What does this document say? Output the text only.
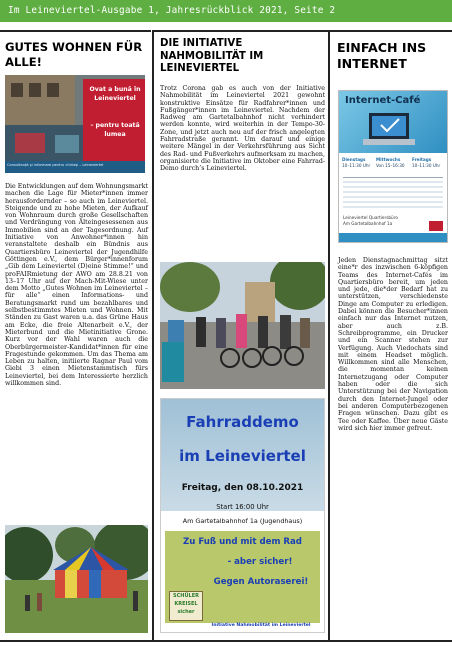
Im Leineviertel-Ausgabe 1, Jahresrückblick 2021, Seite 2
GUTES WOHNEN FÜR ALLE!
Ovat a bună în
Leineviertel
– pentru toată lumea
Consultanță și informare pentru chiriași – Leineviertel

Die Entwicklungen auf dem Wohnungsmarkt machen die Lage für Mieter*innen immer herausfordernder – so auch im Leineviertel. Steigende und zu hohe Mieten, der Aufkauf von Wohnraum durch große Gesellschaften und Verdrängung von Alteingesessenen aus Immobilien sind an der Tagesordnung. Auf Initiative von Anwohner*innen hin veranstaltete deshalb ein Bündnis aus Quartiersbüro Leineviertel der Jugendhilfe Göttingen e.V., dem Bürger*innenforum „Gib dem Leineviertel (D)eine Stimme!“ und proFAIRmietung der AWO am 28.8.21 von 13–17 Uhr auf der Mach-Mit-Wiese unter dem Motto „Gutes Wohnen im Leineviertel – für alle“ einen Informations- und Beratungsmarkt rund um bezahlbares und selbstbestimmtes Mieten und Wohnen. Mit Ständen zu Gast waren u.a. das Grüne Haus am Ecke, die freie Altenarbeit e.V., der Mieterbund und die Mietinitiative Grone. Kurz vor der Wahl waren auch die Oberbürgermeister-Kandidat*innen für eine Fragestunde gekommen. Um das Thema am Leben zu halten, initiierte Ragnar Paul vom Giebi 3 einen Mietenstammtisch fürs Leineviertel, bei dem Interessierte herzlich willkommen sind.

DIE INITIATIVE NAHMOBILITÄT IM LEINEVIERTEL

Trotz Corona gab es auch von der Initiative Nahmobilität im Leineviertel 2021 gewohnt konstruktive Einsätze für Radfahrer*innen und Fußgänger*innen im Leineviertel. Nachdem der Radweg am Gartetalbahnhof nicht verhindert werden konnte, wird weiterhin in der Tempo-30-Zone, und jetzt auch neu auf der frisch angelegten Fahrradstraße gerannt. Um darauf und einige weitere Mängel in der Verkehrsführung aus Sicht des Rad- und Fußverkehrs aufmerksam zu machen, organisierte die Initiative im Oktober eine Fahrrad-Demo durch’s Leineviertel.

Fahrraddemo
im Leineviertel
Freitag, den 08.10.2021
Start 16:00 Uhr
Am Gartetalbahnhof 1a (Jugendhaus)
Zu Fuß und mit dem Rad
- aber sicher!
Gegen Autoraserei!
SCHÜLER
KREISEL
sicher
Initiative Nahmobilität im Leineviertel
EINFACH INS INTERNET
Internet-Café
Dienstags
10–11:30 Uhr
Mittwochs
Von 15–16:30
Freitags
10–11:30 Uhr
Leineviertel Quartiersbüro
Am Gartetalbahnhof 1a

Jeden Dienstagnachmittag sitzt eine*r des inzwischen 6-köpfigen Teams des Internet-Cafés im Quartiersbüro bereit, um jeden und jede, die*der Bedarf hat zu unterstützen, verschiedenste Dinge am Computer zu erledigen. Dabei können die Besucher*innen einfach nur das Internet nutzen, aber auch z.B. Schreibprogramme, ein Drucker und ein Scanner stehen zur Verfügung. Auch Viedochats sind mit einem Headset möglich. Willkommen sind alle Menschen, die momentan keinen Internetzugang oder Computer haben oder die sich Unterstützung bei der Navigation durch den Internet-Jungel oder bei anderen Computerbezogenen Fragen wünschen. Dazu gibt es Tee oder Kaffee. Über neue Gäste wird sich hier immer gefreut.
